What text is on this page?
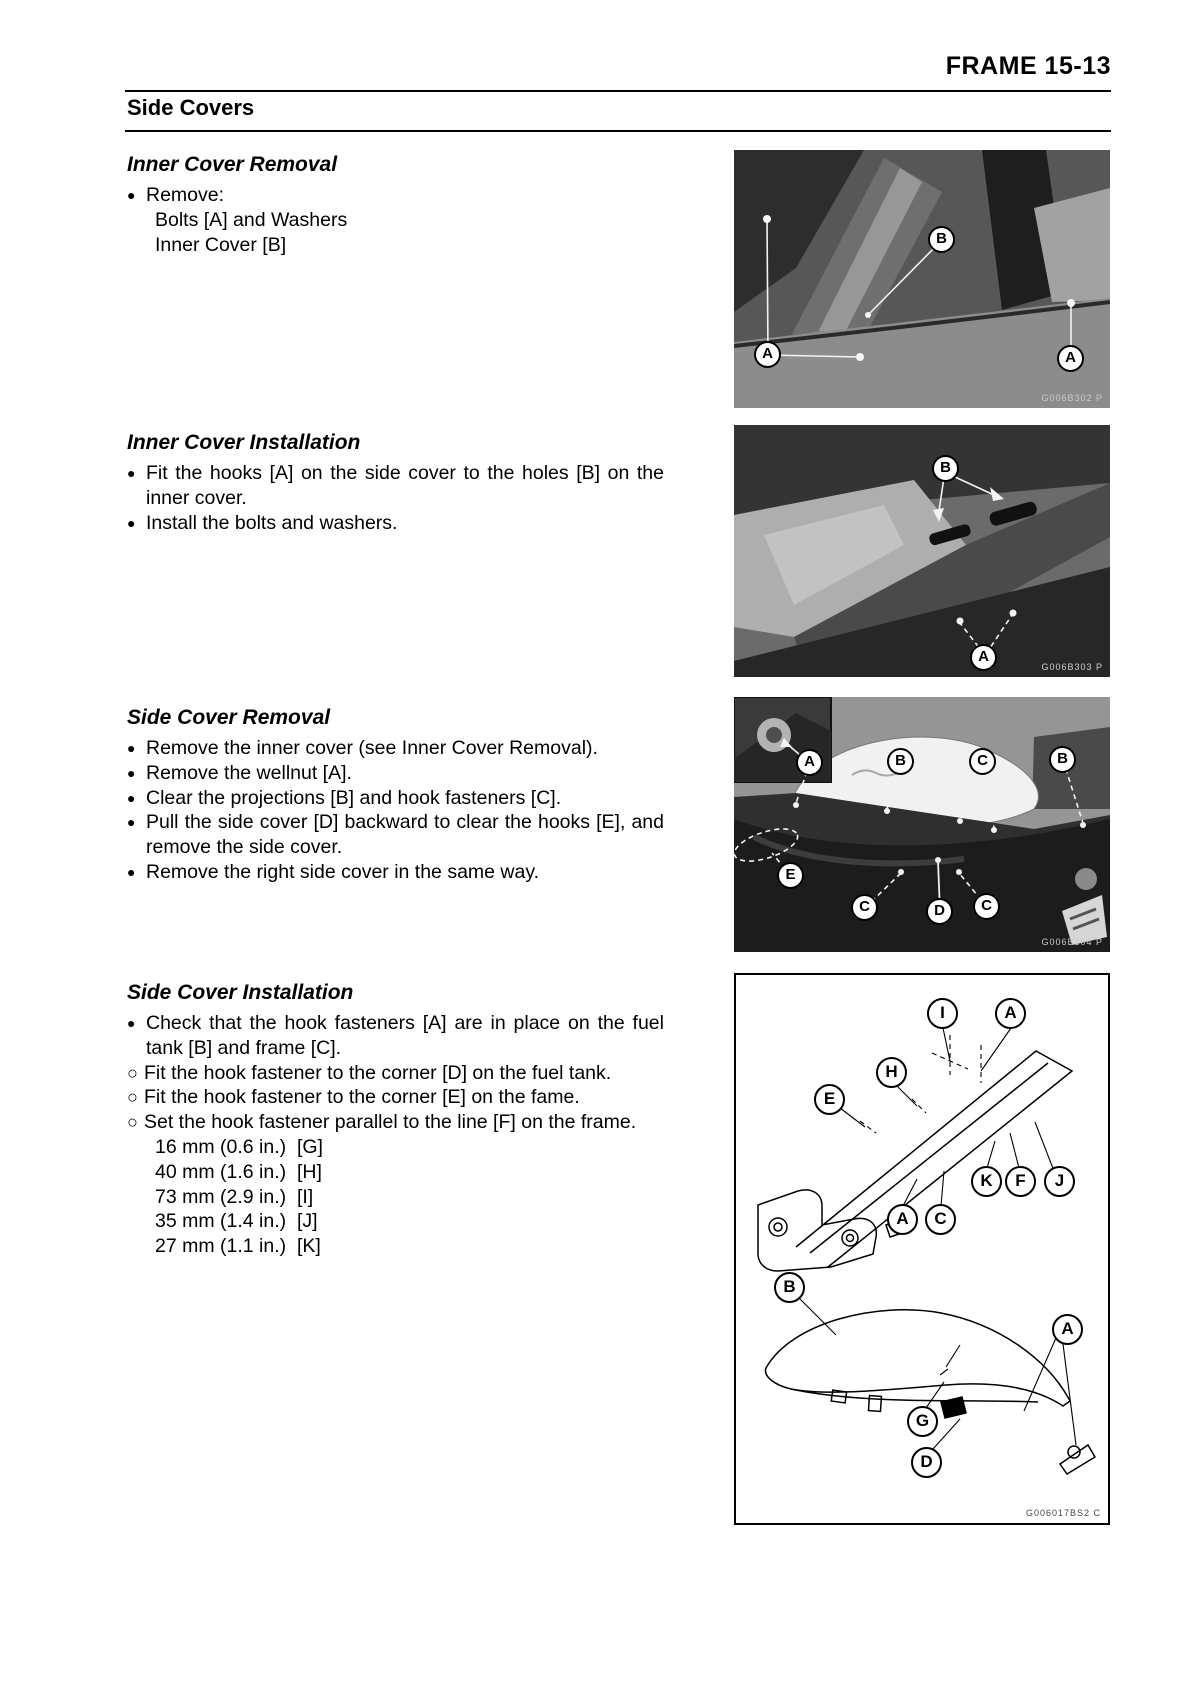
FRAME 15-13
Side Covers
Inner Cover Removal

● Remove:

Bolts [A] and Washers

Inner Cover [B]

Inner Cover Installation

● Fit the hooks [A] on the side cover to the holes [B] on the inner cover.

● Install the bolts and washers.

Side Cover Removal

● Remove the inner cover (see Inner Cover Removal).

● Remove the wellnut [A].

● Clear the projections [B] and hook fasteners [C].

● Pull the side cover [D] backward to clear the hooks [E], and remove the side cover.

● Remove the right side cover in the same way.

Side Cover Installation

● Check that the hook fasteners [A] are in place on the fuel tank [B] and frame [C].

○ Fit the hook fastener to the corner [D] on the fuel tank.

○ Fit the hook fastener to the corner [E] on the fame.

○ Set the hook fastener parallel to the line [F] on the frame.

16 mm (0.6 in.)  [G]

40 mm (1.6 in.)  [H]

73 mm (2.9 in.)  [I]

35 mm (1.4 in.)  [J]

27 mm (1.1 in.)  [K]

B
A	A
G006B302 P
B
A
G006B303 P
A	B	C	B
E
C	D	C
G006B304 P
I	A
H
E
K	F	J
A	C
B
A
G
D
G006017BS2 C
